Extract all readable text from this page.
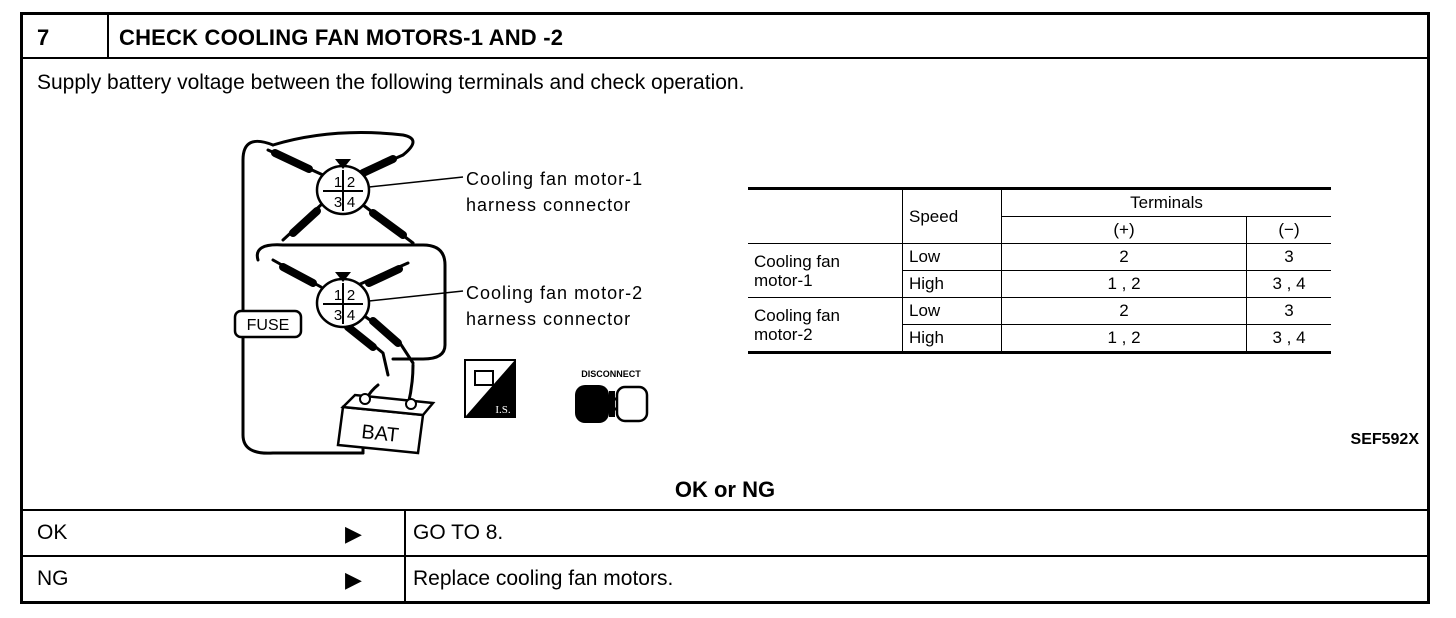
7	CHECK COOLING FAN MOTORS-1 AND -2
Supply battery voltage between the following terminals and check operation.
1 2
3 4
1 2
3 4
Cooling fan motor-1
harness connector
Cooling fan motor-2
harness connector
FUSE
BAT
I.S.
DISCONNECT
	Speed	Terminals	
		(+)	(−)

Cooling fan
motor-1	Low	2	3
	High	1 , 2	3 , 4

Cooling fan
motor-2	Low	2	3
	High	1 , 2	3 , 4
SEF592X
OK or NG
OK	▶ GO TO 8.
NG	▶ Replace cooling fan motors.
